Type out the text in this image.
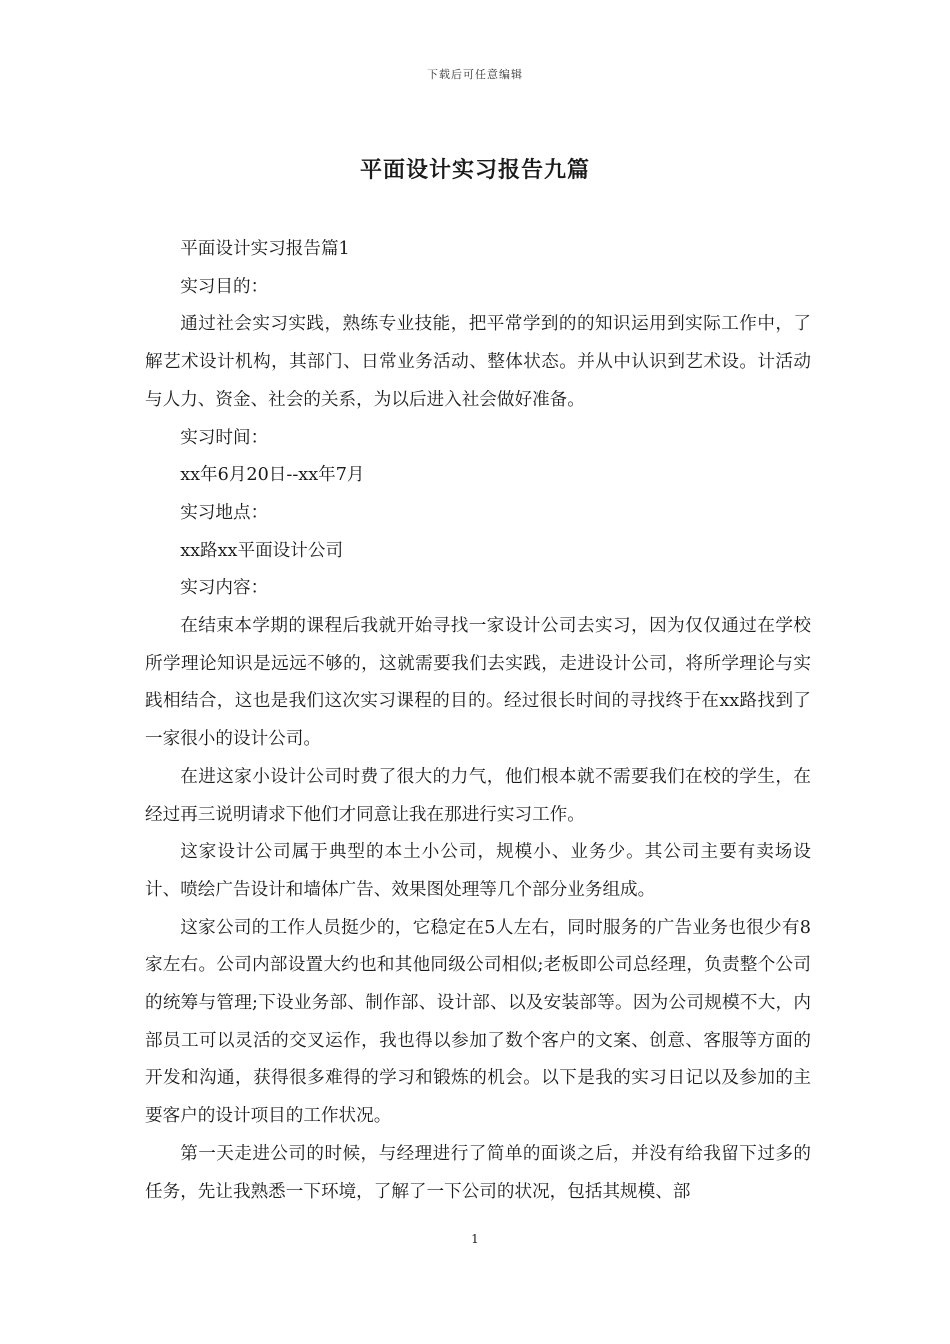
下载后可任意编辑
平面设计实习报告九篇

平面设计实习报告篇1

实习目的：

通过社会实习实践，熟练专业技能，把平常学到的的知识运用到实际工作中，了解艺术设计机构，其部门、日常业务活动、整体状态。并从中认识到艺术设。计活动与人力、资金、社会的关系，为以后进入社会做好准备。

实习时间：

xx年6月20日--xx年7月

实习地点：

xx路xx平面设计公司

实习内容：

在结束本学期的课程后我就开始寻找一家设计公司去实习，因为仅仅通过在学校所学理论知识是远远不够的，这就需要我们去实践，走进设计公司，将所学理论与实践相结合，这也是我们这次实习课程的目的。经过很长时间的寻找终于在xx路找到了一家很小的设计公司。

在进这家小设计公司时费了很大的力气，他们根本就不需要我们在校的学生，在经过再三说明请求下他们才同意让我在那进行实习工作。

这家设计公司属于典型的本土小公司，规模小、业务少。其公司主要有卖场设计、喷绘广告设计和墙体广告、效果图处理等几个部分业务组成。

这家公司的工作人员挺少的，它稳定在5人左右，同时服务的广告业务也很少有8家左右。公司内部设置大约也和其他同级公司相似;老板即公司总经理，负责整个公司的统筹与管理;下设业务部、制作部、设计部、以及安装部等。因为公司规模不大，内部员工可以灵活的交叉运作，我也得以参加了数个客户的文案、创意、客服等方面的开发和沟通，获得很多难得的学习和锻炼的机会。以下是我的实习日记以及参加的主要客户的设计项目的工作状况。

第一天走进公司的时候，与经理进行了简单的面谈之后，并没有给我留下过多的任务，先让我熟悉一下环境，了解了一下公司的状况，包括其规模、部

1
